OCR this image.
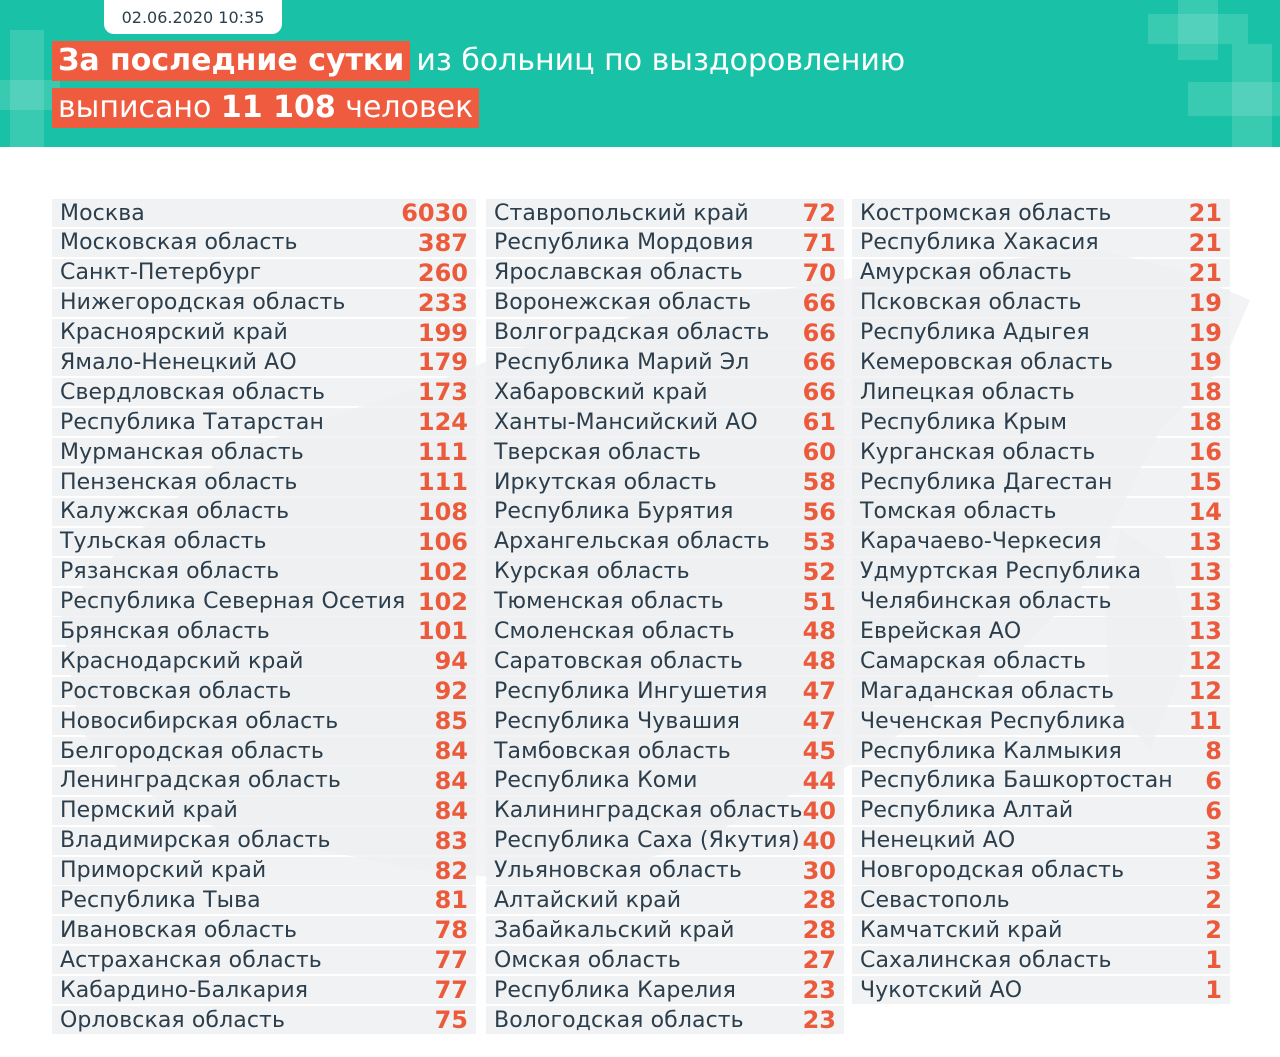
02.06.2020 10:35
За последние сутки из больниц по выздоровлению
выписано 11 108 человек
Москва	6030
Московская область	387
Санкт-Петербург	260
Нижегородская область	233
Красноярский край	199
Ямало-Ненецкий АО	179
Свердловская область	173
Республика Татарстан	124
Мурманская область	111
Пензенская область	111
Калужская область	108
Тульская область	106
Рязанская область	102
Республика Северная Осетия 102
Брянская область	101
Краснодарский край	94
Ростовская область	92
Новосибирская область	85
Белгородская область	84
Ленинградская область	84
Пермский край	84
Владимирская область	83
Приморский край	82
Республика Тыва	81
Ивановская область	78
Астраханская область	77
Кабардино-Балкария	77
Орловская область	75
Ставропольский край 72
Республика Мордовия 71
Ярославская область 70
Воронежская область 66
Волгоградская область 66
Республика Марий Эл 66
Хабаровский край	66
Ханты-Мансийский АО 61
Тверская область	60
Иркутская область	58
Республика Бурятия	56
Архангельская область 53
Курская область	52
Тюменская область	51
Смоленская область	48
Саратовская область 48
Республика Ингушетия 47
Республика Чувашия	47
Тамбовская область	45
Республика Коми	44
Калининградская область 40
Республика Саха (Якутия) 40
Ульяновская область	30
Алтайский край	28
Забайкальский край	28
Омская область	27
Республика Карелия	23
Вологодская область 23
Костромская область	21
Республика Хакасия	21
Амурская область	21
Псковская область	19
Республика Адыгея	19
Кемеровская область	19
Липецкая область	18
Республика Крым	18
Курганская область	16
Республика Дагестан	15
Томская область	14
Карачаево-Черкесия	13
Удмуртская Республика 13
Челябинская область	13
Еврейская АО	13
Самарская область	12
Магаданская область	12
Чеченская Республика	11
Республика Калмыкия	8
Республика Башкортостан 6
Республика Алтай	6
Ненецкий АО	3
Новгородская область	3
Севастополь	2
Камчатский край	2
Сахалинская область	1
Чукотский АО	1
